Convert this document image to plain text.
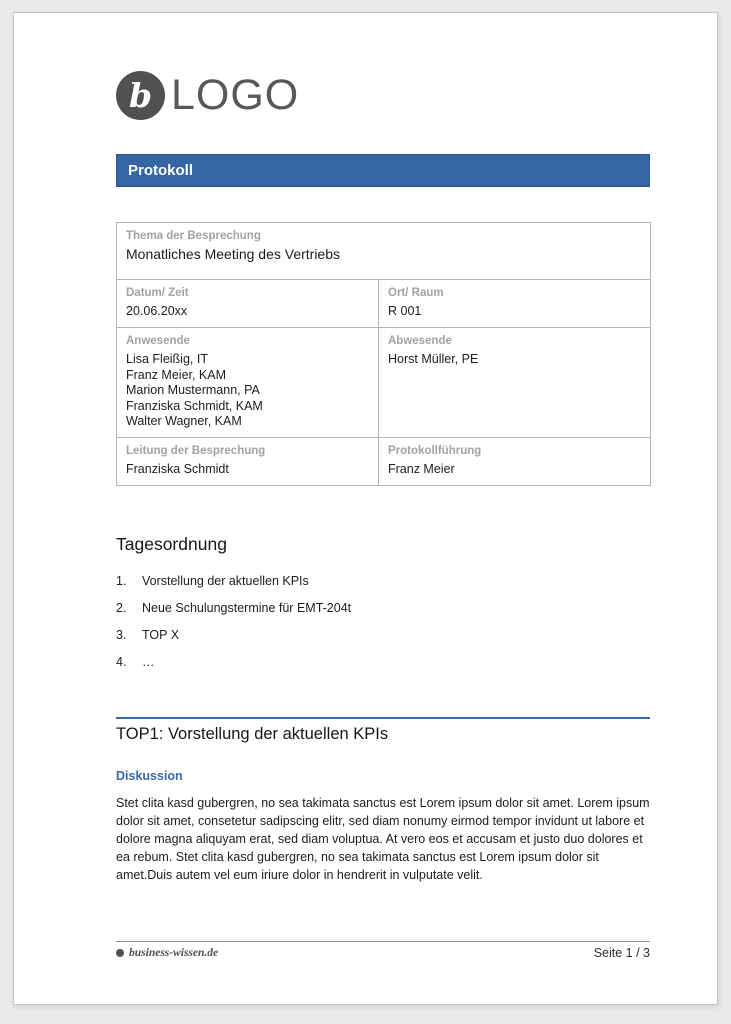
b LOGO
Protokoll
Thema der Besprechung
Monatliches Meeting des Vertriebs	

Datum/ Zeit
20.06.20xx

Ort/ Raum
R 001

Anwesende
Lisa Fleißig, IT
Franz Meier, KAM
Marion Mustermann, PA
Franziska Schmidt, KAM
Walter Wagner, KAM

Abwesende
Horst Müller, PE

Leitung der Besprechung
Franziska Schmidt

Protokollführung
Franz Meier
Tagesordnung
1.	Vorstellung der aktuellen KPIs
2.	Neue Schulungstermine für EMT-204t
3.	TOP X
4.	…
TOP1: Vorstellung der aktuellen KPIs
Diskussion
Stet clita kasd gubergren, no sea takimata sanctus est Lorem ipsum dolor sit amet. Lorem ipsum dolor sit amet, consetetur sadipscing elitr, sed diam nonumy eirmod tempor invidunt ut labore et dolore magna aliquyam erat, sed diam voluptua. At vero eos et accusam et justo duo dolores et ea rebum. Stet clita kasd gubergren, no sea takimata sanctus est Lorem ipsum dolor sit amet.Duis autem vel eum iriure dolor in hendrerit in vulputate velit.
business-wissen.de	Seite 1 / 3
